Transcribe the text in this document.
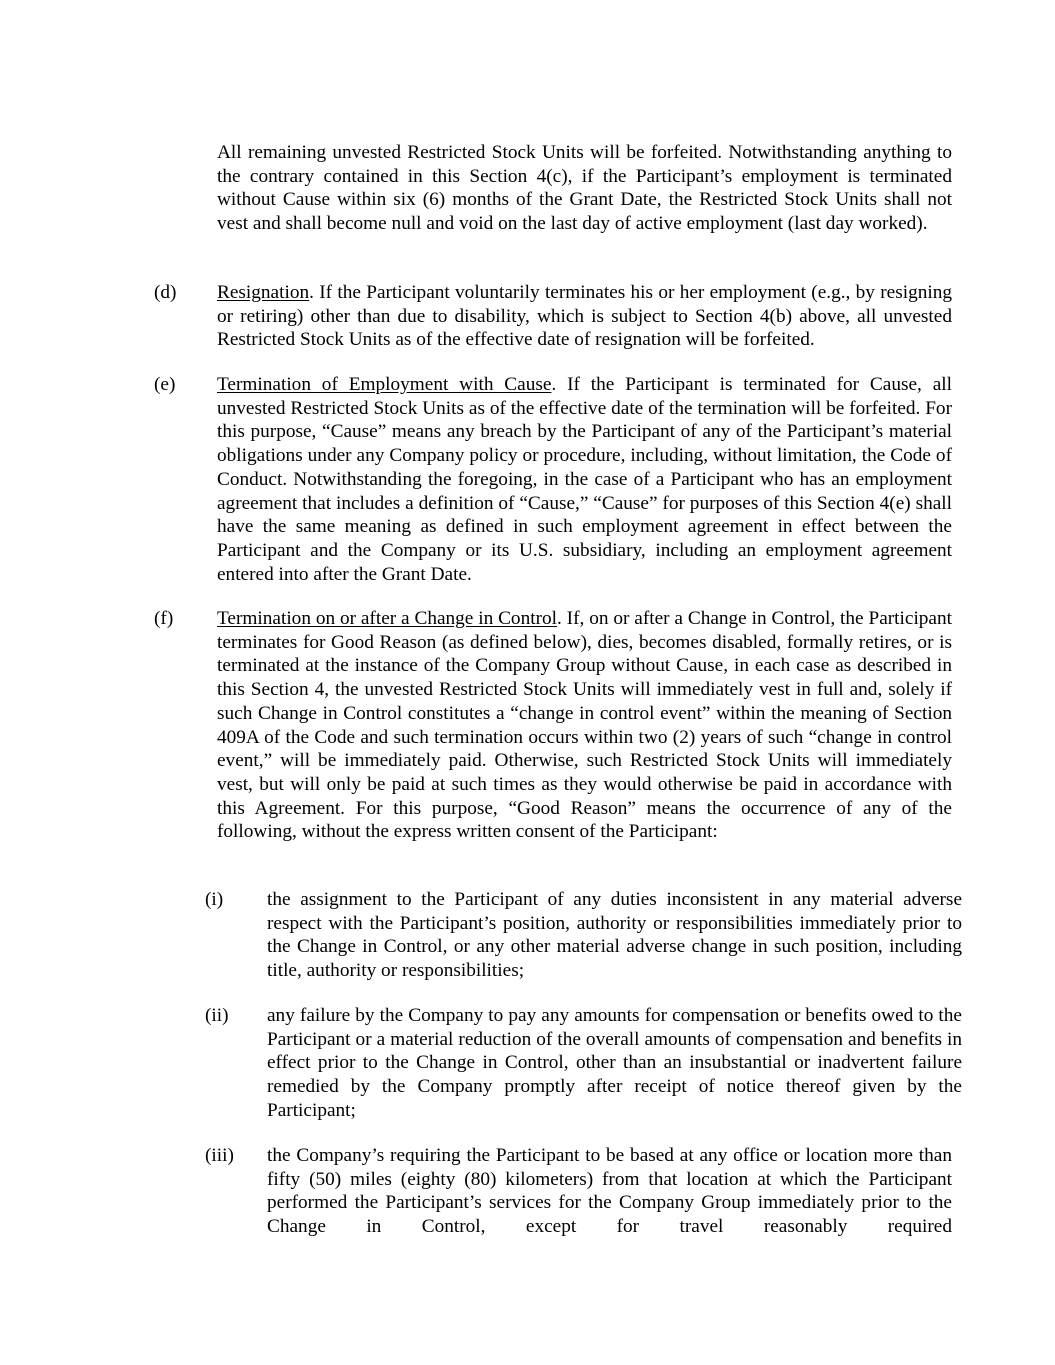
All remaining unvested Restricted Stock Units will be forfeited. Notwithstanding anything to the contrary contained in this Section 4(c), if the Participant’s employment is terminated without Cause within six (6) months of the Grant Date, the Restricted Stock Units shall not vest and shall become null and void on the last day of active employment (last day worked).

(d) Resignation. If the Participant voluntarily terminates his or her employment (e.g., by resigning or retiring) other than due to disability, which is subject to Section 4(b) above, all unvested Restricted Stock Units as of the effective date of resignation will be forfeited.

(e) Termination of Employment with Cause. If the Participant is terminated for Cause, all unvested Restricted Stock Units as of the effective date of the termination will be forfeited. For this purpose, “Cause” means any breach by the Participant of any of the Participant’s material obligations under any Company policy or procedure, including, without limitation, the Code of Conduct. Notwithstanding the foregoing, in the case of a Participant who has an employment agreement that includes a definition of “Cause,” “Cause” for purposes of this Section 4(e) shall have the same meaning as defined in such employment agreement in effect between the Participant and the Company or its U.S. subsidiary, including an employment agreement entered into after the Grant Date.

(f) Termination on or after a Change in Control. If, on or after a Change in Control, the Participant terminates for Good Reason (as defined below), dies, becomes disabled, formally retires, or is terminated at the instance of the Company Group without Cause, in each case as described in this Section 4, the unvested Restricted Stock Units will immediately vest in full and, solely if such Change in Control constitutes a “change in control event” within the meaning of Section 409A of the Code and such termination occurs within two (2) years of such “change in control event,” will be immediately paid. Otherwise, such Restricted Stock Units will immediately vest, but will only be paid at such times as they would otherwise be paid in accordance with this Agreement. For this purpose, “Good Reason” means the occurrence of any of the following, without the express written consent of the Participant:

(i) the assignment to the Participant of any duties inconsistent in any material adverse respect with the Participant’s position, authority or responsibilities immediately prior to the Change in Control, or any other material adverse change in such position, including title, authority or responsibilities;

(ii) any failure by the Company to pay any amounts for compensation or benefits owed to the Participant or a material reduction of the overall amounts of compensation and benefits in effect prior to the Change in Control, other than an insubstantial or inadvertent failure remedied by the Company promptly after receipt of notice thereof given by the Participant;

(iii) the Company’s requiring the Participant to be based at any office or location more than fifty (50) miles (eighty (80) kilometers) from that location at which the Participant performed the Participant’s services for the Company Group immediately prior to the Change in Control, except for travel reasonably required
